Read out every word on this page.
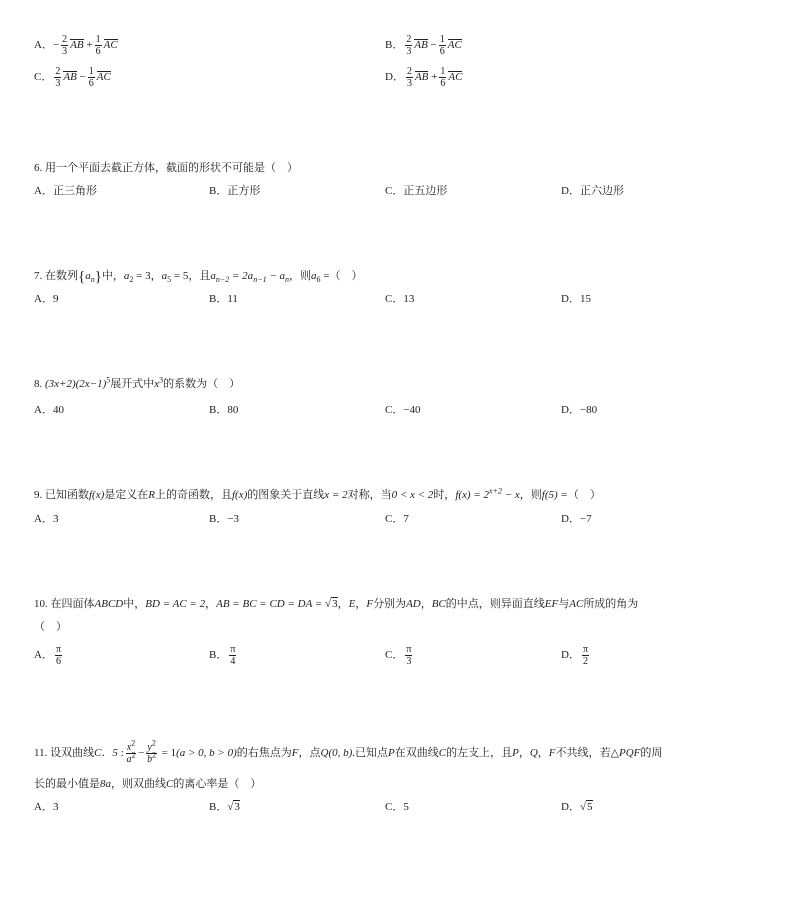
A．− $\frac{2}{3}$ AB + $\frac{1}{6}$ AC	B． $\frac{2}{3}$ AB − $\frac{1}{6}$ AC
C． $\frac{2}{3}$ AB − $\frac{1}{6}$ AC	D． $\frac{2}{3}$ AB + $\frac{1}{6}$ AC
6. 用一个平面去截正方体，截面的形状不可能是（　）
A．正三角形	B．正方形	C．正五边形	D．正六边形
7. 在数列$\{a_n\}$中，$a_2 = 3$，$a_5 = 5$，且$a_{n-2} = 2a_{n-1} - a_n$，则$a_6$ =（　）
A．9	B．11	C．13	D．15
8. $(3x+2)(2x-1)^5$展开式中$x^3$的系数为（　）
A．40	B．80	C．−40	D．−80
9. 已知函数f(x)是定义在R上的奇函数，且f(x)的图象关于直线x = 2对称，当0 < x < 2时，$f(x) = 2^{x+2} - x$，则f(5) =（　）
A．3	B．−3	C．7	D．−7
10. 在四面体ABCD中，BD = AC = 2，AB = BC = CD = DA = √3，E，F分别为AD，BC的中点，则异面直线EF与AC所成的角为
（　）
A． $\frac{\pi}{6}$	B． $\frac{\pi}{4}$	C． $\frac{\pi}{3}$	D． $\frac{\pi}{2}$
11. 设双曲线C．5 : $\frac{x^2}{a^2} - \frac{y^2}{b^2} = 1(a > 0$, b > 0)的右焦点为F，点Q(0, b).已知点P在双曲线C的左支上，且P，Q，F不共线，若△PQF的周
长的最小值是8a，则双曲线C的离心率是（　）
A．3	B．√3	C．5	D．√5
